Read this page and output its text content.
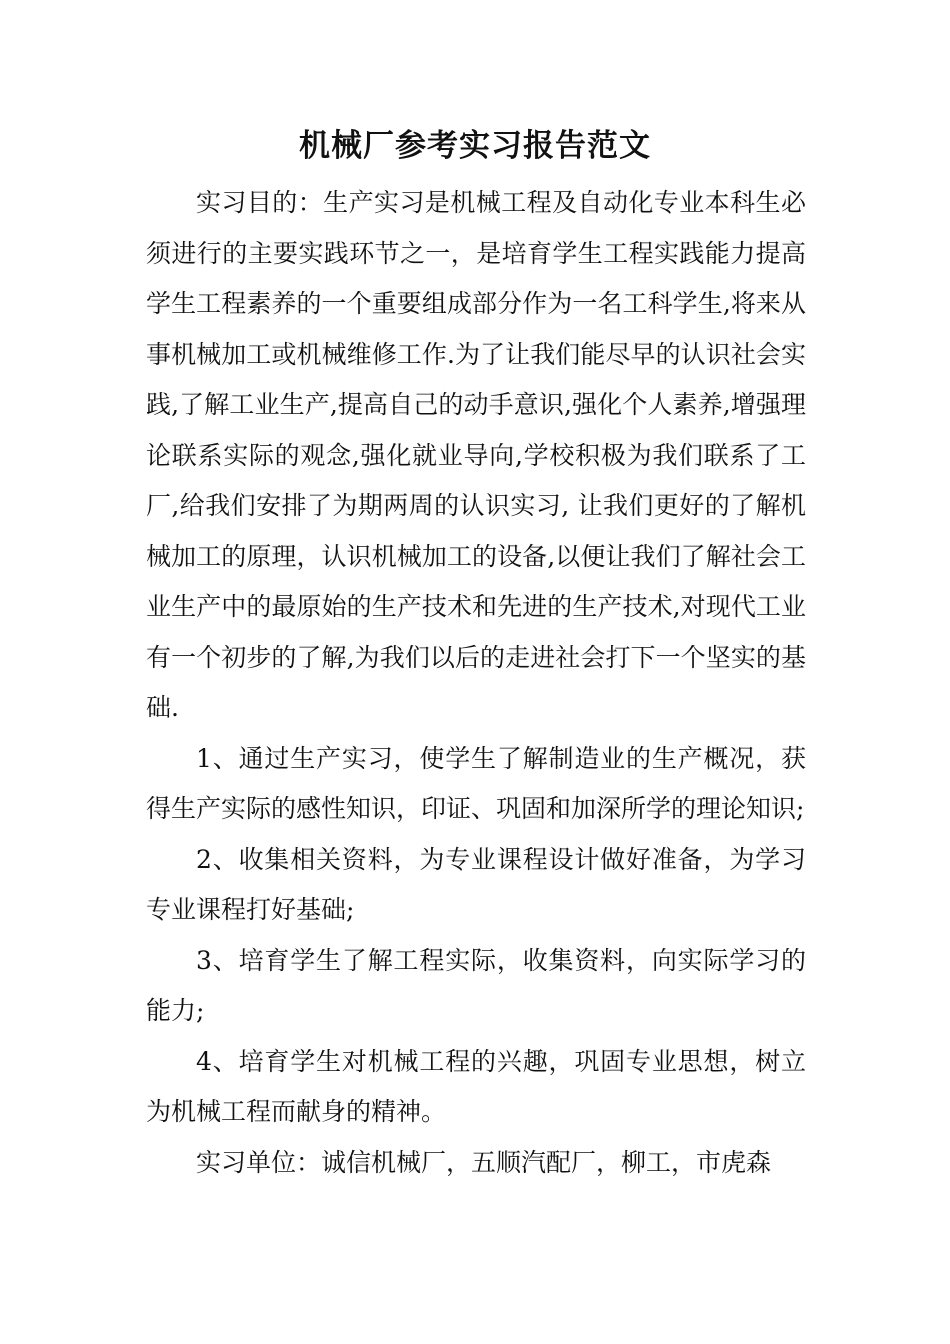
机械厂参考实习报告范文

实习目的：生产实习是机械工程及自动化专业本科生必须进行的主要实践环节之一，是培育学生工程实践能力提高学生工程素养的一个重要组成部分作为一名工科学生,将来从事机械加工或机械维修工作.为了让我们能尽早的认识社会实践,了解工业生产,提高自己的动手意识,强化个人素养,增强理论联系实际的观念,强化就业导向,学校积极为我们联系了工厂,给我们安排了为期两周的认识实习, 让我们更好的了解机械加工的原理，认识机械加工的设备,以便让我们了解社会工业生产中的最原始的生产技术和先进的生产技术,对现代工业有一个初步的了解,为我们以后的走进社会打下一个坚实的基础.

1、通过生产实习，使学生了解制造业的生产概况，获得生产实际的感性知识，印证、巩固和加深所学的理论知识;

2、收集相关资料，为专业课程设计做好准备，为学习专业课程打好基础;

3、培育学生了解工程实际，收集资料，向实际学习的能力;

4、培育学生对机械工程的兴趣，巩固专业思想，树立为机械工程而献身的精神。

实习单位：诚信机械厂，五顺汽配厂，柳工，市虎森
